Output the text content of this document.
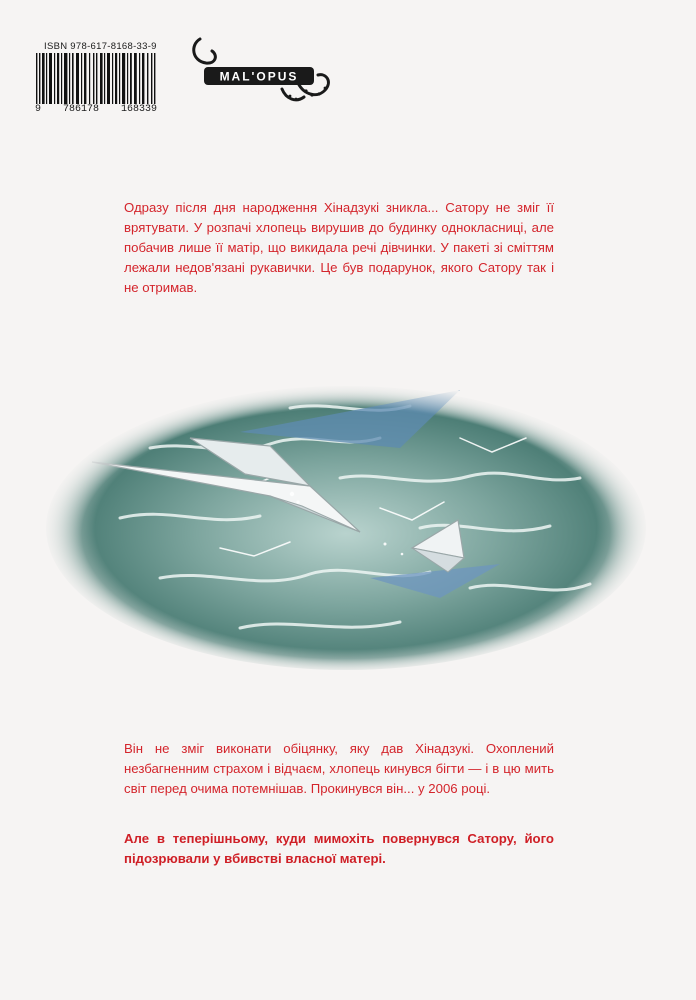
ISBN 978-617-8168-33-9
9 786178 168339
MAL'OPUS

Одразу після дня народження Хінадзукі зникла... Сатору не зміг її врятувати. У розпачі хлопець вирушив до будинку однокласниці, але побачив лише її матір, що викидала речі дівчинки. У пакеті зі сміттям лежали недов'язані рукавички. Це був подарунок, якого Сатору так і не отримав.

Він не зміг виконати обіцянку, яку дав Хінадзукі. Охоплений незбагненним страхом і відчаєм, хлопець кинувся бігти — і в цю мить світ перед очима потемнішав. Прокинувся він... у 2006 році.

Але в теперішньому, куди мимохіть повернувся Сатору, його підозрювали у вбивстві власної матері.
